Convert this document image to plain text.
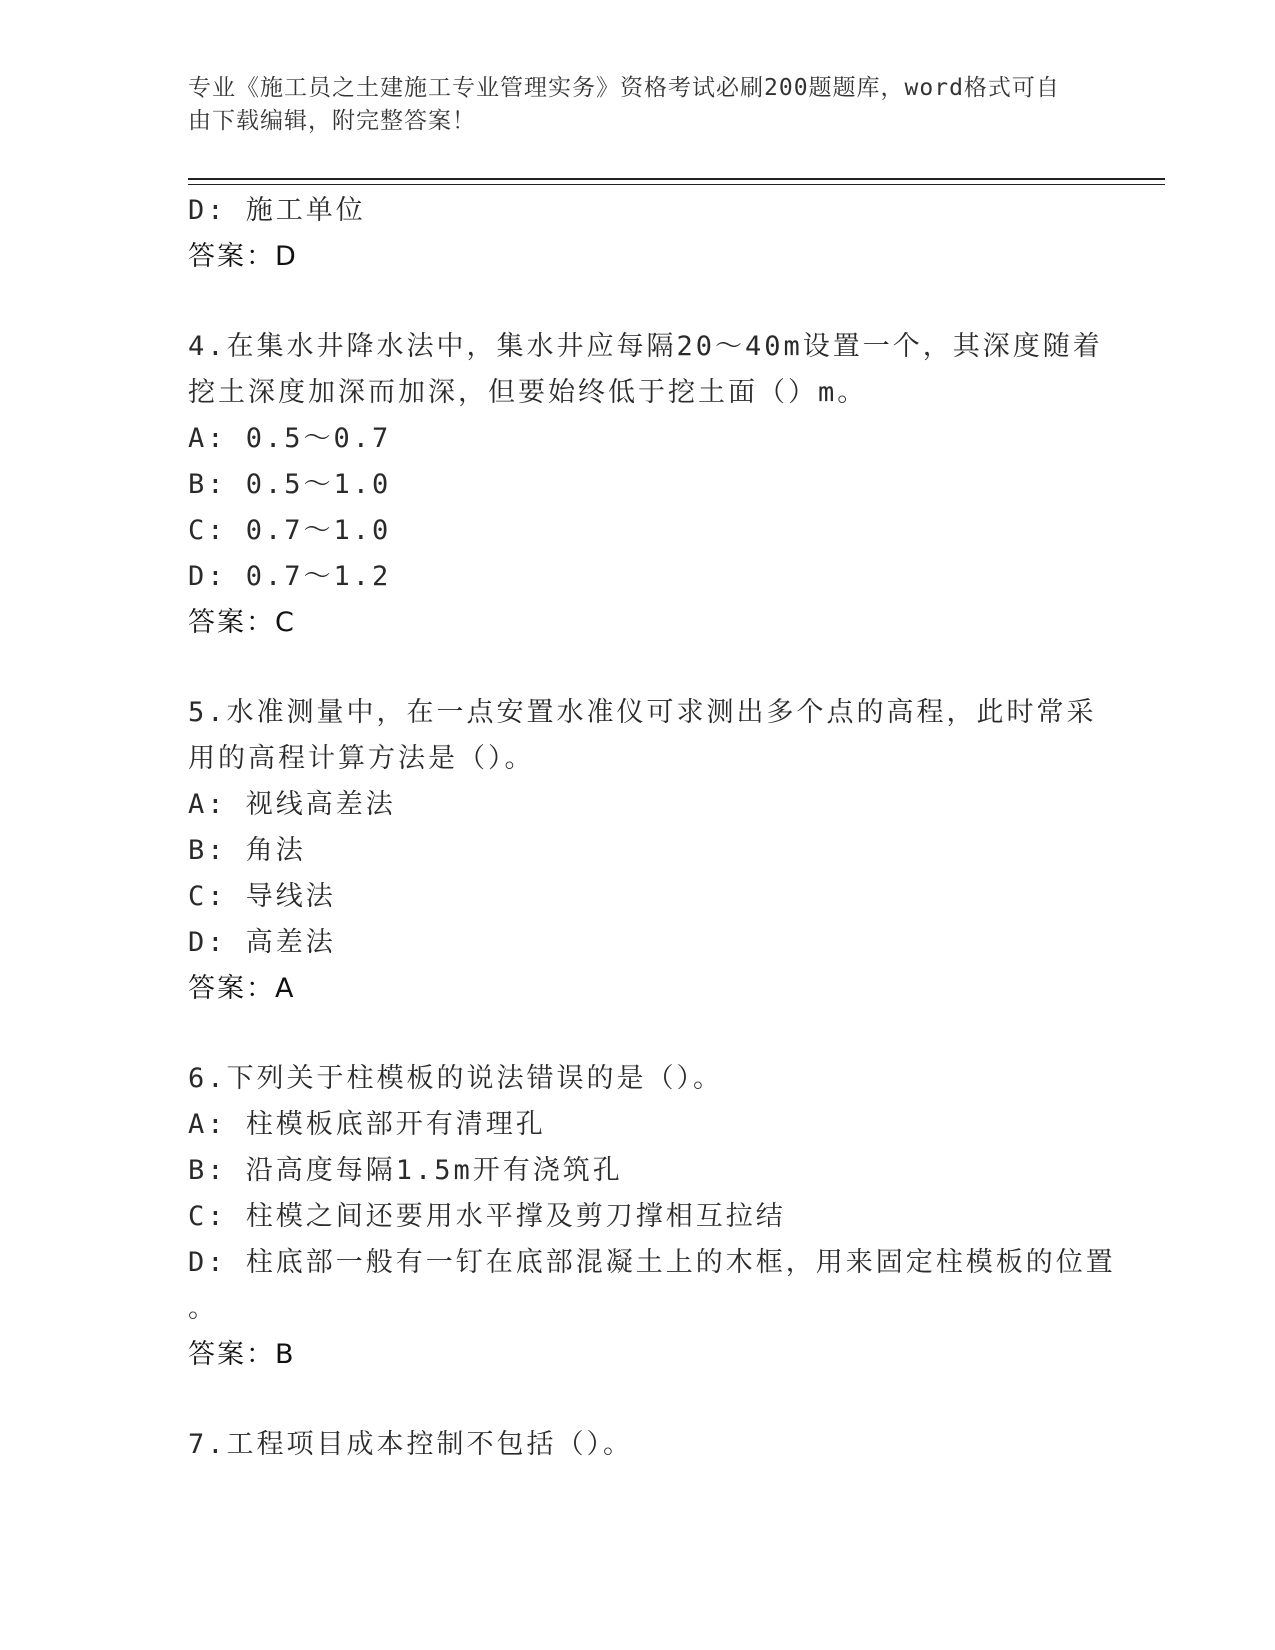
专业《施工员之土建施工专业管理实务》资格考试必刷200题题库，word格式可自由下载编辑，附完整答案！
D: 施工单位
答案：D
4.在集水井降水法中，集水井应每隔20～40m设置一个，其深度随着
挖土深度加深而加深，但要始终低于挖土面（）m。
A: 0.5～0.7
B: 0.5～1.0
C: 0.7～1.0
D: 0.7～1.2
答案：C
5.水准测量中，在一点安置水准仪可求测出多个点的高程，此时常采
用的高程计算方法是（）。
A: 视线高差法
B: 角法
C: 导线法
D: 高差法
答案：A
6.下列关于柱模板的说法错误的是（）。
A: 柱模板底部开有清理孔
B: 沿高度每隔1.5m开有浇筑孔
C: 柱模之间还要用水平撑及剪刀撑相互拉结
D: 柱底部一般有一钉在底部混凝土上的木框，用来固定柱模板的位置
。
答案：B
7.工程项目成本控制不包括（）。
